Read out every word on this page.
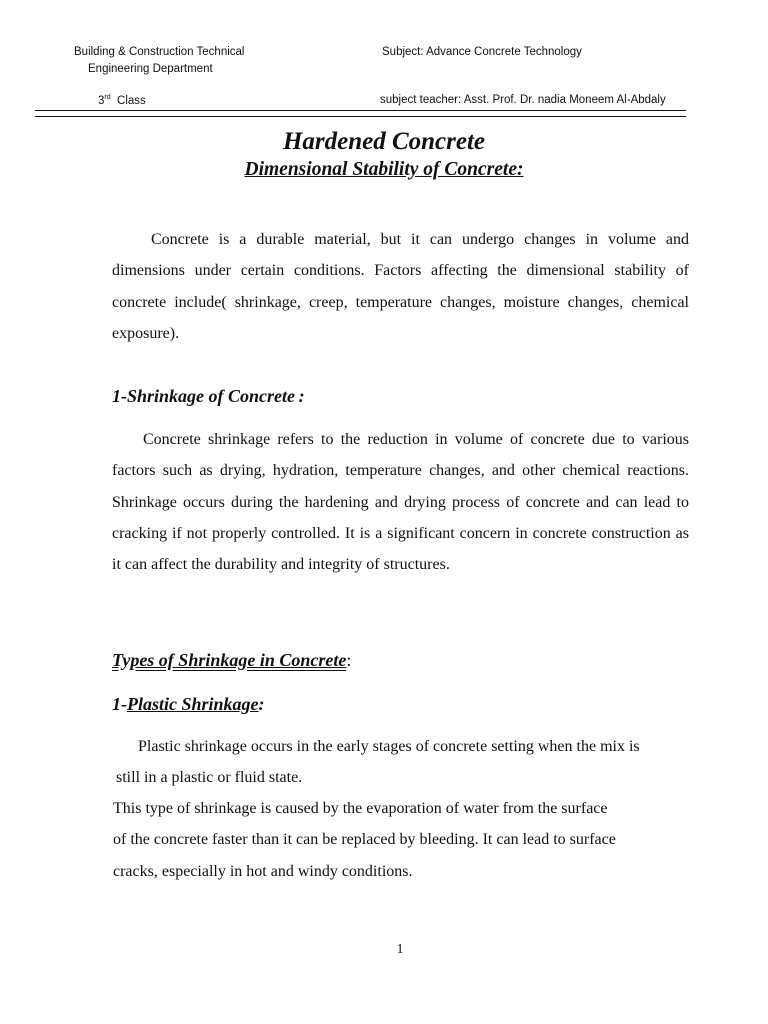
Building & Construction Technical
Engineering Department
Subject: Advance Concrete Technology
3rd Class	subject teacher: Asst. Prof. Dr. nadia Moneem Al-Abdaly
Hardened Concrete
Dimensional Stability of Concrete:

Concrete is a durable material, but it can undergo changes in volume and dimensions under certain conditions. Factors affecting the dimensional stability of concrete include( shrinkage, creep, temperature changes, moisture changes, chemical exposure).

1-Shrinkage of Concrete :

Concrete shrinkage refers to the reduction in volume of concrete due to various factors such as drying, hydration, temperature changes, and other chemical reactions. Shrinkage occurs during the hardening and drying process of concrete and can lead to cracking if not properly controlled. It is a significant concern in concrete construction as it can affect the durability and integrity of structures.

Types of Shrinkage in Concrete:
1-Plastic Shrinkage:
Plastic shrinkage occurs in the early stages of concrete setting when the mix is
still in a plastic or fluid state.
This type of shrinkage is caused by the evaporation of water from the surface
of the concrete faster than it can be replaced by bleeding. It can lead to surface
cracks, especially in hot and windy conditions.
1
